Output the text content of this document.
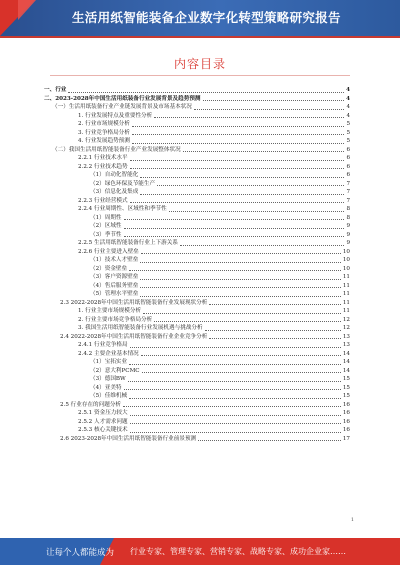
生活用纸智能装备企业数字化转型策略研究报告
内容目录
一、行业	4
二、2023-2028年中国生活用纸装备行业发展背景及趋势预测	4
（一）生活用纸装备行业产业链发展背景及市场基本状况	4
1. 行业发展特点及重要性分析	4
2. 行业市场规模分析	5
3. 行业竞争格局分析	5
4. 行业发展趋势预测	5
（二）我国生活用纸智能装备行业产业发展整体状况	6
2.2.1 行业技术水平	6
2.2.2 行业技术趋势	6
（1）自动化智能化	6
（2）绿色环保及节能生产	7
（3）信息化及集成	7
2.2.3 行业经营模式	7
2.2.4 行业周期性、区域性和季节性	8
（1）周期性	8
（2）区域性	9
（3）季节性	9
2.2.5 生活用纸智能装备行业上下游关系	9
2.2.6 行业主要进入壁垒	10
（1）技术人才壁垒	10
（2）资金壁垒	10
（3）客户资源壁垒	11
（4）售后服务壁垒	11
（5）管理水平壁垒	11
2.3 2022-2028年中国生活用纸智能装备行业发展现状分析	11
1. 行业主要市场规模分析	11
2. 行业主要市场竞争格局分析	12
3. 我国生活用纸智能装备行业发展机遇与挑战分析	12
2.4 2022-2028年中国生活用纸智能装备行业企业竞争分析	13
2.4.1 行业竞争格局	13
2.4.2 主要企业基本情况	14
（1）宝拓实业	14
（2）意大利PCMC	14
（3）德国BW	15
（4）亚美特	15
（5）佳维机械	15
2.5 行业存在的问题分析	16
2.5.1 资金压力较大	16
2.5.2 人才需求问题	16
2.5.3 核心关键技术	16
2.6 2023-2028年中国生活用纸智能装备行业前景预测	17
1
让每个人都能成为 行业专家、管理专家、营销专家、战略专家、成功企业家……
